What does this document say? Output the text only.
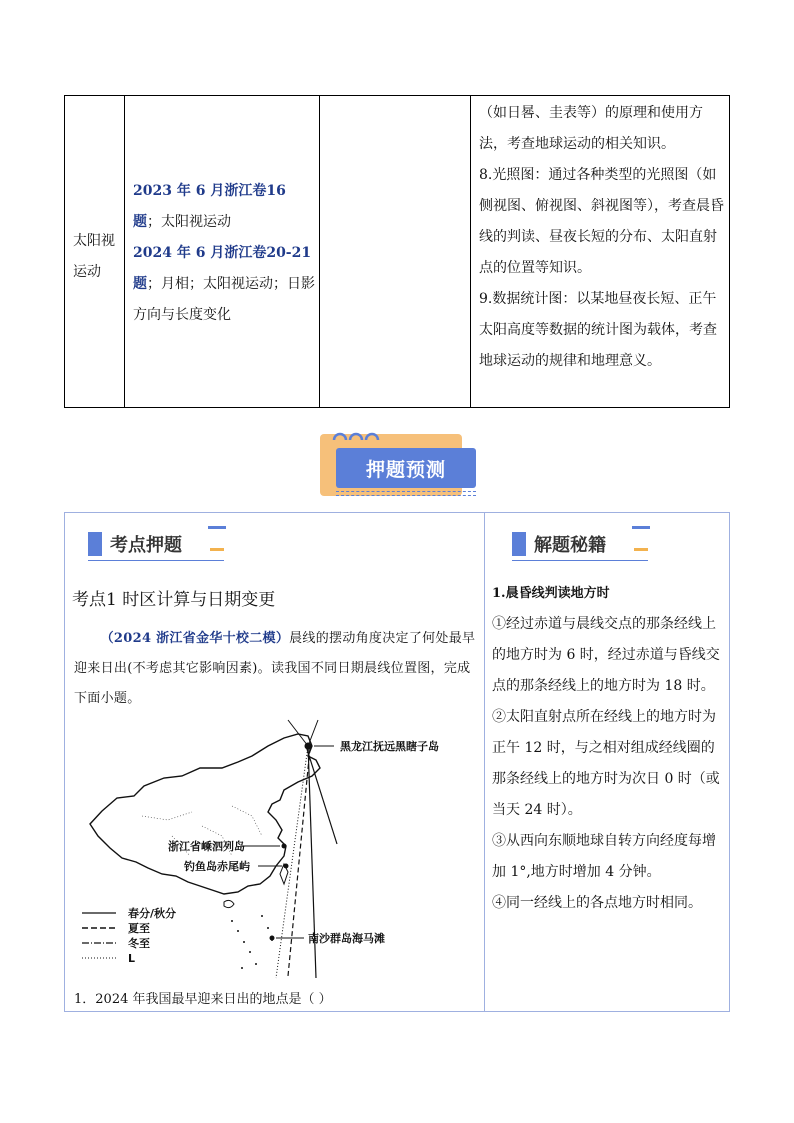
太阳视运动
2023 年 6 月浙江卷16 题；太阳视运动
2024 年 6 月浙江卷20-21 题；月相；太阳视运动；日影方向与长度变化

（如日晷、圭表等）的原理和使用方法，考查地球运动的相关知识。

8.光照图：通过各种类型的光照图（如侧视图、俯视图、斜视图等），考查晨昏线的判读、昼夜长短的分布、太阳直射点的位置等知识。

9.数据统计图：以某地昼夜长短、正午太阳高度等数据的统计图为载体，考查地球运动的规律和地理意义。

押题预测
考点押题	解题秘籍
考点1 时区计算与日期变更
  （2024 浙江省金华十校二模）晨线的摆动角度决定了何处最早迎来日出(不考虑其它影响因素)。读我国不同日期晨线位置图，完成下面小题。
黑龙江抚远黑瞎子岛
浙江省嵊泗列岛
钓鱼岛赤尾屿
南沙群岛海马滩
春分/秋分
夏至
冬至
L
1．2024 年我国最早迎来日出的地点是（ ）

1.晨昏线判读地方时

①经过赤道与晨线交点的那条经线上的地方时为 6 时，经过赤道与昏线交点的那条经线上的地方时为 18 时。

②太阳直射点所在经线上的地方时为正午 12 时，与之相对组成经线圈的那条经线上的地方时为次日 0 时（或当天 24 时）。

③从西向东顺地球自转方向经度每增加 1°,地方时增加 4 分钟。

④同一经线上的各点地方时相同。
